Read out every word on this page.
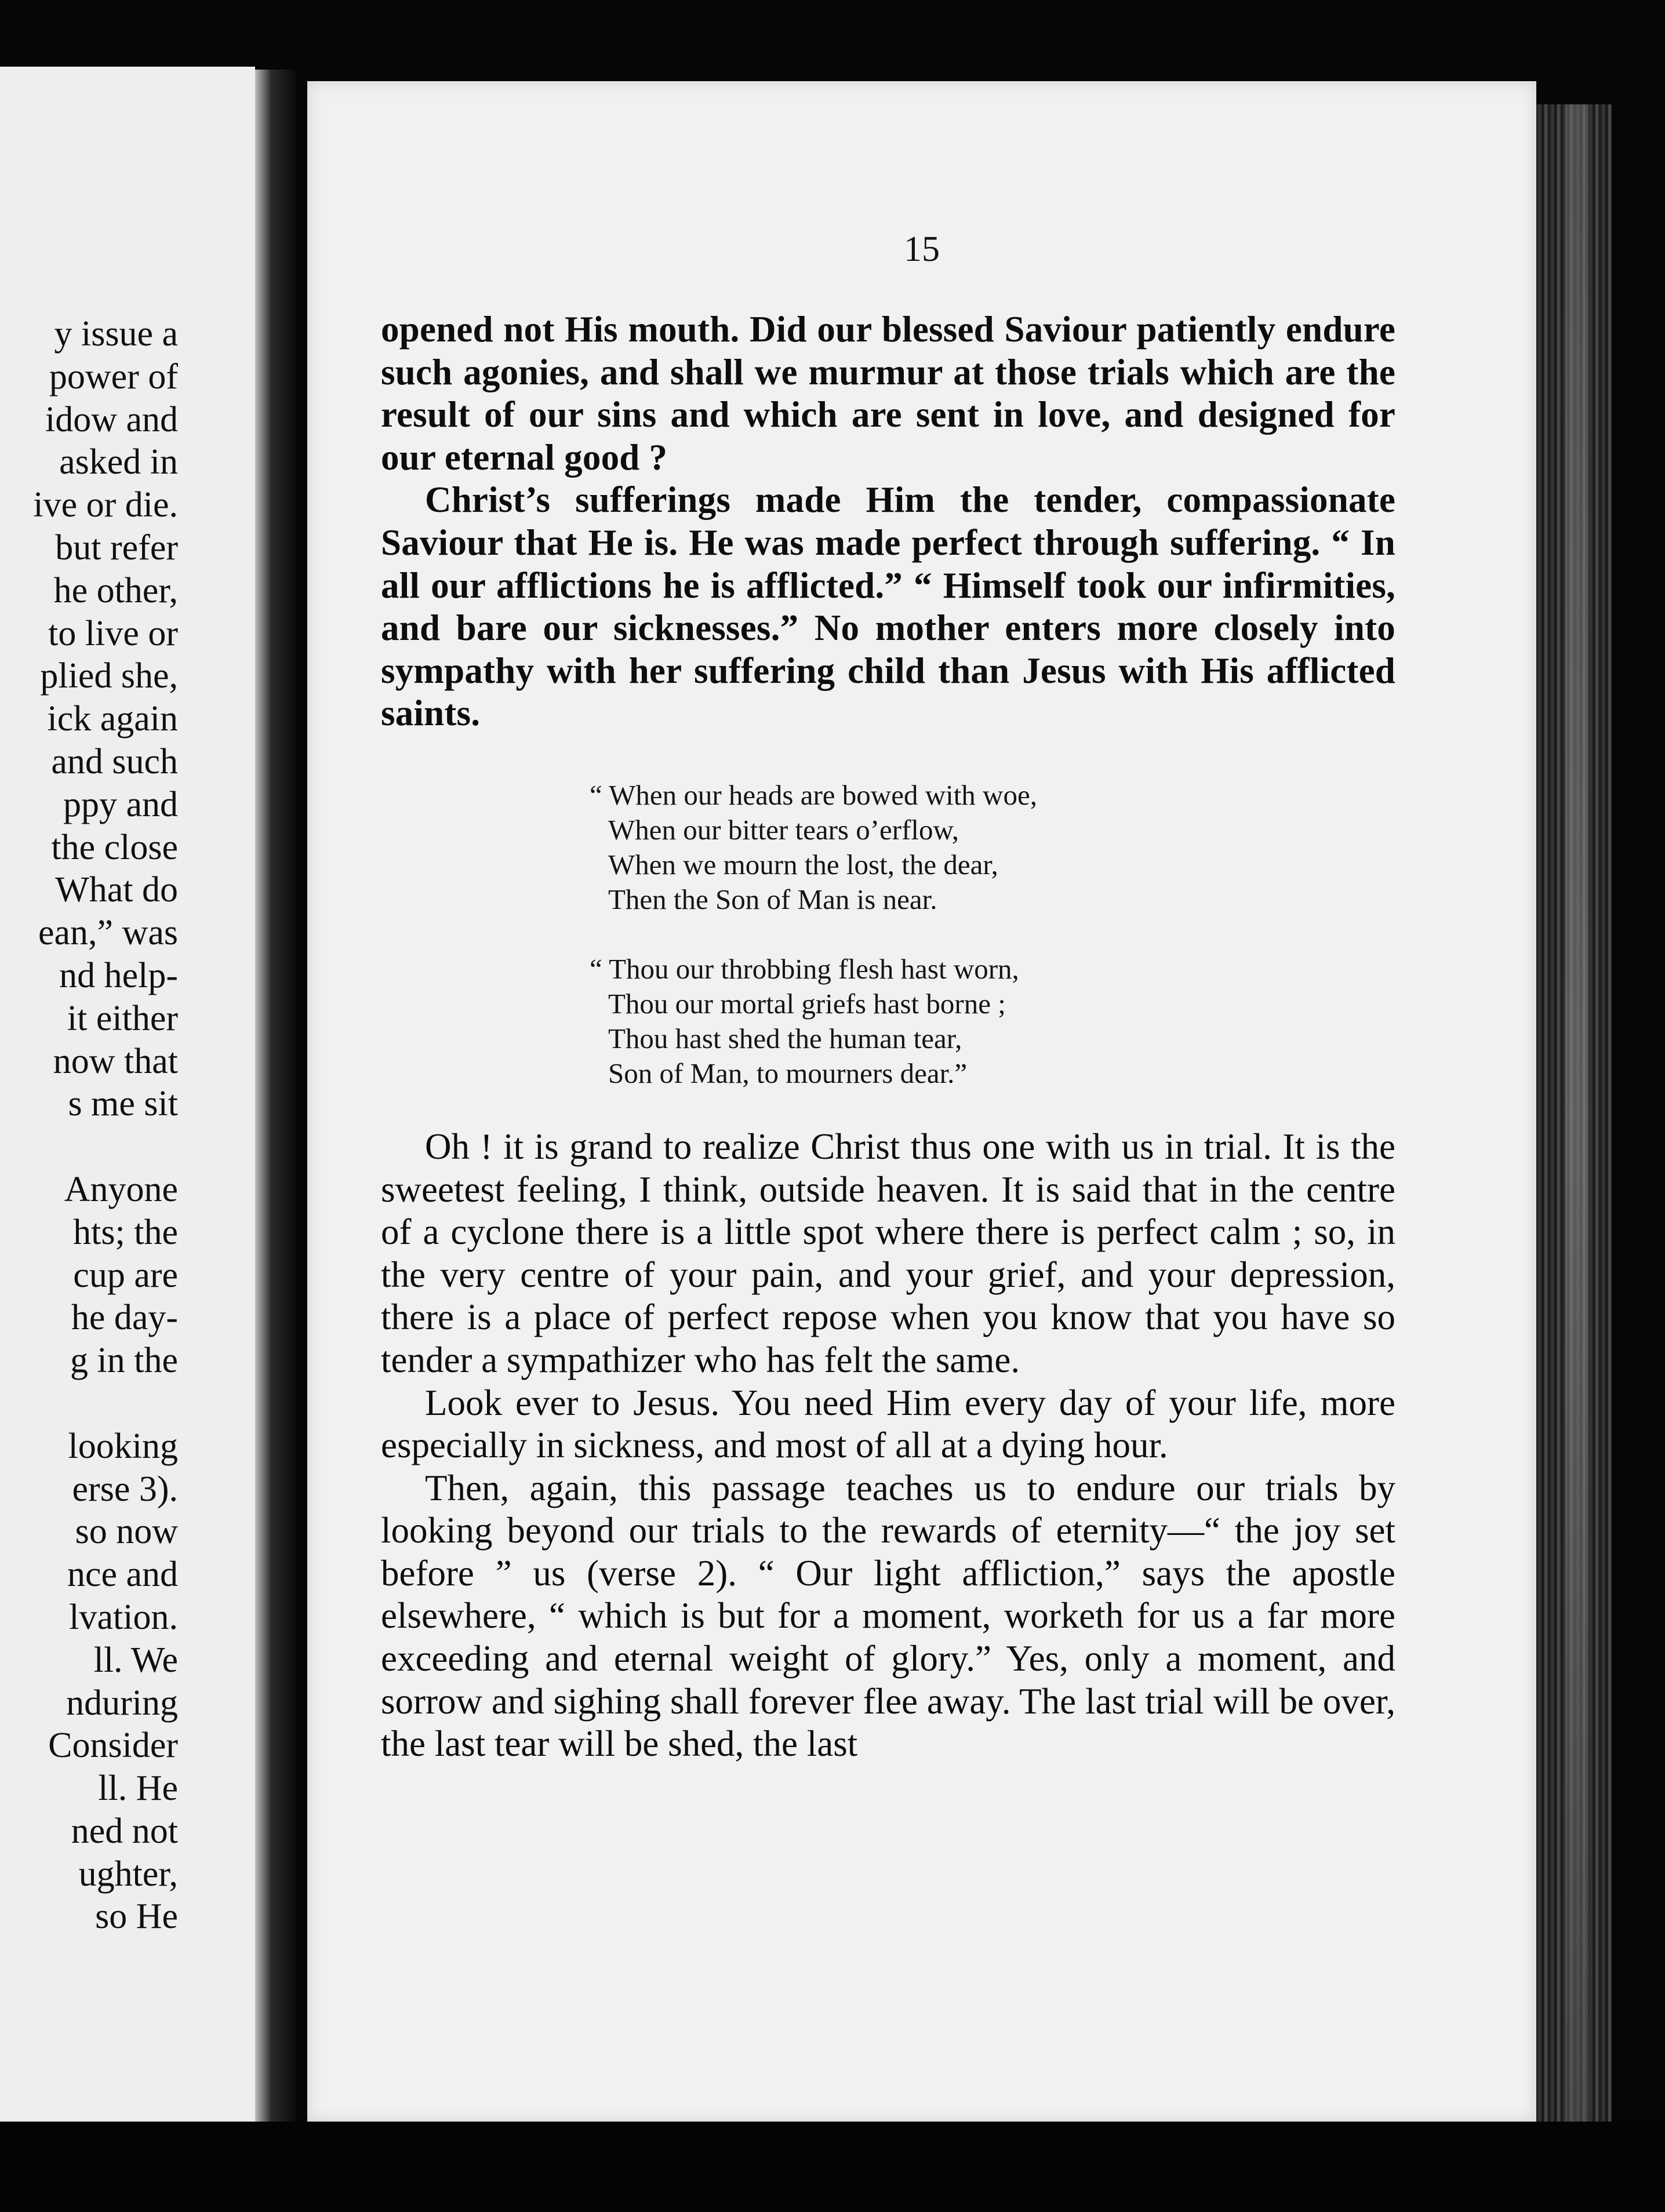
y issue a
power of
idow and
asked in
ive or die.
but refer
he other,
to live or
plied she,
ick again
and such
ppy and
the close
What do
ean,” was
nd help-
it either
now that
s me sit
Anyone
hts; the
cup are
he day-
g in the
looking
erse 3).
so now
nce and
lvation.
ll. We
nduring
Consider
ll. He
ned not
ughter,
so He
15

opened not His mouth. Did our blessed Saviour patiently endure such agonies, and shall we murmur at those trials which are the result of our sins and which are sent in love, and designed for our eternal good ?

Christ’s sufferings made Him the tender, compassionate Saviour that He is. He was made perfect through suffering. “ In all our afflictions he is afflicted.” “ Himself took our infirmities, and bare our sicknesses.” No mother enters more closely into sympathy with her suffering child than Jesus with His afflicted saints.

“ When our heads are bowed with woe,
When our bitter tears o’erflow,
When we mourn the lost, the dear,
Then the Son of Man is near.
“ Thou our throbbing flesh hast worn,
Thou our mortal griefs hast borne ;
Thou hast shed the human tear,
Son of Man, to mourners dear.”

Oh ! it is grand to realize Christ thus one with us in trial. It is the sweetest feeling, I think, outside heaven. It is said that in the centre of a cyclone there is a little spot where there is perfect calm ; so, in the very centre of your pain, and your grief, and your depression, there is a place of perfect repose when you know that you have so tender a sympathizer who has felt the same.

Look ever to Jesus. You need Him every day of your life, more especially in sickness, and most of all at a dying hour.

Then, again, this passage teaches us to endure our trials by looking beyond our trials to the rewards of eternity—“ the joy set before ” us (verse 2). “ Our light affliction,” says the apostle elsewhere, “ which is but for a moment, worketh for us a far more exceeding and eternal weight of glory.” Yes, only a moment, and sorrow and sighing shall forever flee away. The last trial will be over, the last tear will be shed, the last
